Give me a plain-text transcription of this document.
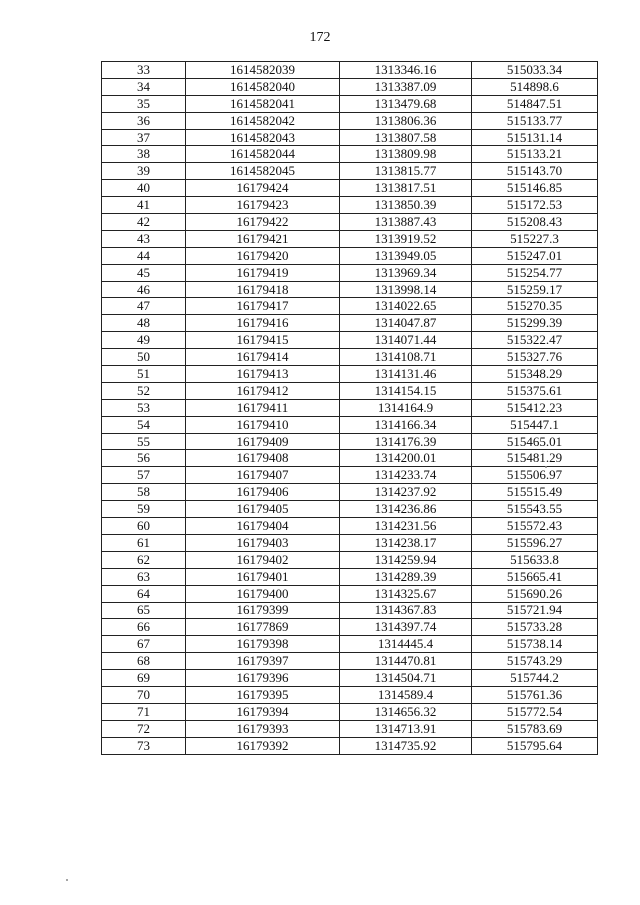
172
33	1614582039	1313346.16	515033.34
34	1614582040	1313387.09	514898.6
35	1614582041	1313479.68	514847.51
36	1614582042	1313806.36	515133.77
37	1614582043	1313807.58	515131.14
38	1614582044	1313809.98	515133.21
39	1614582045	1313815.77	515143.70
40	16179424	1313817.51	515146.85
41	16179423	1313850.39	515172.53
42	16179422	1313887.43	515208.43
43	16179421	1313919.52	515227.3
44	16179420	1313949.05	515247.01
45	16179419	1313969.34	515254.77
46	16179418	1313998.14	515259.17
47	16179417	1314022.65	515270.35
48	16179416	1314047.87	515299.39
49	16179415	1314071.44	515322.47
50	16179414	1314108.71	515327.76
51	16179413	1314131.46	515348.29
52	16179412	1314154.15	515375.61
53	16179411	1314164.9	515412.23
54	16179410	1314166.34	515447.1
55	16179409	1314176.39	515465.01
56	16179408	1314200.01	515481.29
57	16179407	1314233.74	515506.97
58	16179406	1314237.92	515515.49
59	16179405	1314236.86	515543.55
60	16179404	1314231.56	515572.43
61	16179403	1314238.17	515596.27
62	16179402	1314259.94	515633.8
63	16179401	1314289.39	515665.41
64	16179400	1314325.67	515690.26
65	16179399	1314367.83	515721.94
66	16177869	1314397.74	515733.28
67	16179398	1314445.4	515738.14
68	16179397	1314470.81	515743.29
69	16179396	1314504.71	515744.2
70	16179395	1314589.4	515761.36
71	16179394	1314656.32	515772.54
72	16179393	1314713.91	515783.69
73	16179392	1314735.92	515795.64
